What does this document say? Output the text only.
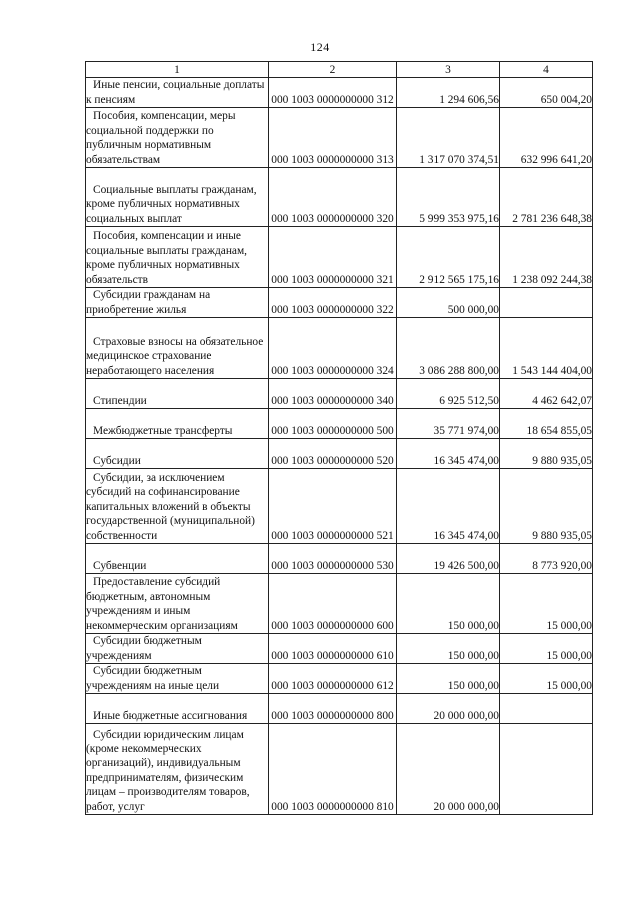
124
1	2	3	4

Иные пенсии, социальные доплаты к пенсиям	000 1003 0000000000 312	1 294 606,56	650 004,20

Пособия, компенсации, меры социальной поддержки по публичным нормативным обязательствам	000 1003 0000000000 313	1 317 070 374,51	632 996 641,20

Социальные выплаты гражданам, кроме публичных нормативных социальных выплат	000 1003 0000000000 320	5 999 353 975,16	2 781 236 648,38

Пособия, компенсации и иные социальные выплаты гражданам, кроме публичных нормативных обязательств	000 1003 0000000000 321	2 912 565 175,16	1 238 092 244,38

Субсидии гражданам на приобретение жилья	000 1003 0000000000 322	500 000,00	

Страховые взносы на обязательное медицинское страхование неработающего населения	000 1003 0000000000 324	3 086 288 800,00	1 543 144 404,00

Стипендии	000 1003 0000000000 340	6 925 512,50	4 462 642,07

Межбюджетные трансферты	000 1003 0000000000 500	35 771 974,00	18 654 855,05

Субсидии	000 1003 0000000000 520	16 345 474,00	9 880 935,05

Субсидии, за исключением субсидий на софинансирование капитальных вложений в объекты государственной (муниципальной) собственности	000 1003 0000000000 521	16 345 474,00	9 880 935,05

Субвенции	000 1003 0000000000 530	19 426 500,00	8 773 920,00

Предоставление субсидий бюджетным, автономным учреждениям и иным некоммерческим организациям	000 1003 0000000000 600	150 000,00	15 000,00

Субсидии бюджетным учреждениям	000 1003 0000000000 610	150 000,00	15 000,00

Субсидии бюджетным учреждениям на иные цели	000 1003 0000000000 612	150 000,00	15 000,00

Иные бюджетные ассигнования	000 1003 0000000000 800	20 000 000,00	

Субсидии юридическим лицам (кроме некоммерческих организаций), индивидуальным предпринимателям, физическим лицам – производителям товаров, работ, услуг	000 1003 0000000000 810	20 000 000,00	
